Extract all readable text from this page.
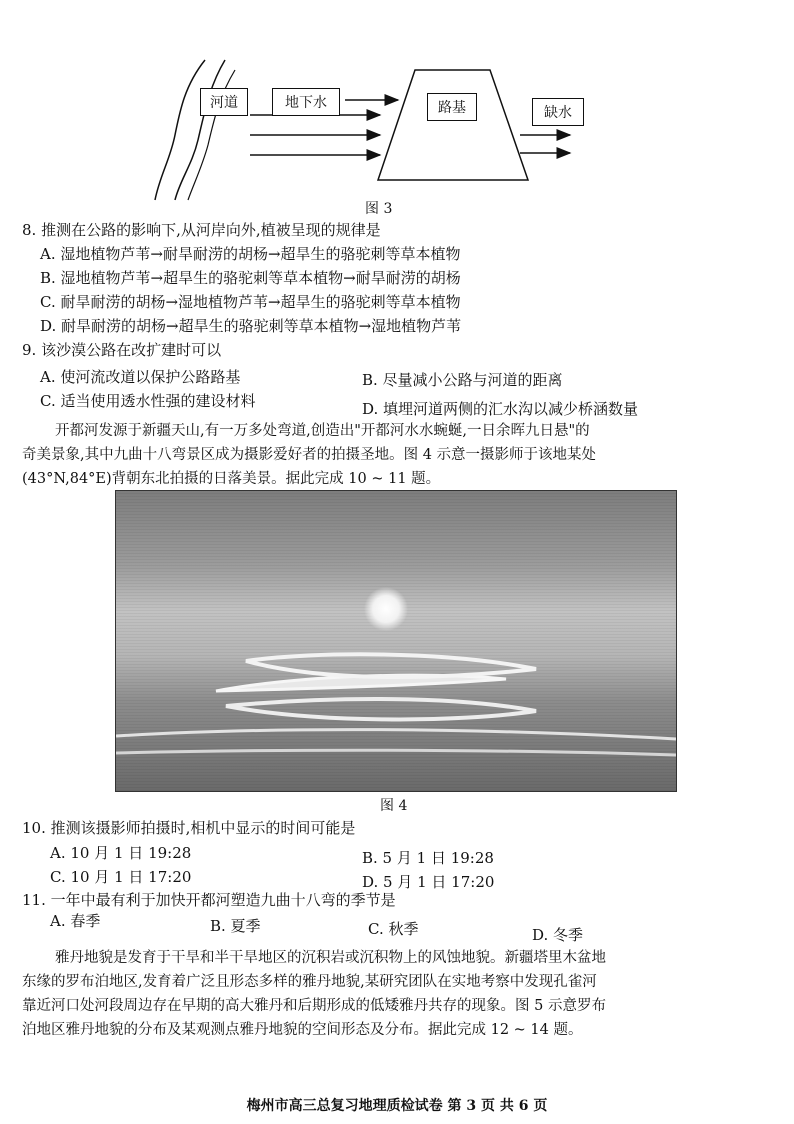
河道	地下水	路基	缺水
图 3
8. 推测在公路的影响下,从河岸向外,植被呈现的规律是
A. 湿地植物芦苇→耐旱耐涝的胡杨→超旱生的骆驼刺等草本植物
B. 湿地植物芦苇→超旱生的骆驼刺等草本植物→耐旱耐涝的胡杨
C. 耐旱耐涝的胡杨→湿地植物芦苇→超旱生的骆驼刺等草本植物
D. 耐旱耐涝的胡杨→超旱生的骆驼刺等草本植物→湿地植物芦苇
9. 该沙漠公路在改扩建时可以
A. 使河流改道以保护公路路基	B. 尽量减小公路与河道的距离
C. 适当使用透水性强的建设材料	D. 填埋河道两侧的汇水沟以减少桥涵数量
开都河发源于新疆天山,有一万多处弯道,创造出"开都河水水蜿蜒,一日余晖九日悬"的
奇美景象,其中九曲十八弯景区成为摄影爱好者的拍摄圣地。图 4 示意一摄影师于该地某处
(43°N,84°E)背朝东北拍摄的日落美景。据此完成 10 ~ 11 题。
图 4
10. 推测该摄影师拍摄时,相机中显示的时间可能是
A. 10 月 1 日 19:28	B. 5 月 1 日 19:28
C. 10 月 1 日 17:20	D. 5 月 1 日 17:20
11. 一年中最有利于加快开都河塑造九曲十八弯的季节是
A. 春季	B. 夏季	C. 秋季	D. 冬季
雅丹地貌是发育于干旱和半干旱地区的沉积岩或沉积物上的风蚀地貌。新疆塔里木盆地
东缘的罗布泊地区,发育着广泛且形态多样的雅丹地貌,某研究团队在实地考察中发现孔雀河
靠近河口处河段周边存在早期的高大雅丹和后期形成的低矮雅丹共存的现象。图 5 示意罗布
泊地区雅丹地貌的分布及某观测点雅丹地貌的空间形态及分布。据此完成 12 ~ 14 题。
梅州市高三总复习地理质检试卷 第 3 页 共 6 页
